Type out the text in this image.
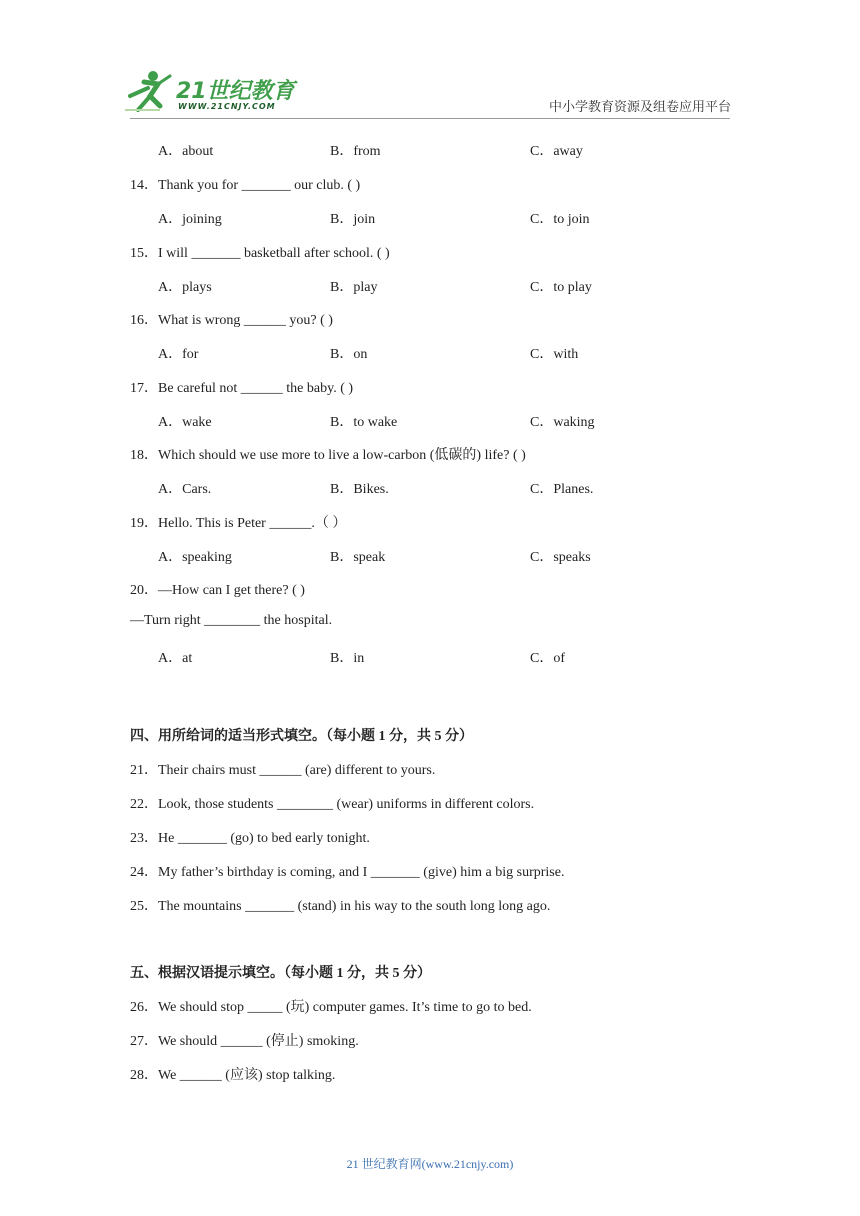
21世纪教育
WWW.21CNJY.COM	中小学教育资源及组卷应用平台
A．about	B．from	C．away
14．Thank you for _______ our club. ( )
A．joining	B．join	C．to join
15．I will _______ basketball after school. ( )
A．plays	B．play	C．to play
16．What is wrong ______ you? ( )
A．for	B．on	C．with
17．Be careful not ______ the baby. ( )
A．wake	B．to wake	C．waking
18．Which should we use more to live a low-carbon (低碳的) life? ( )
A．Cars.	B．Bikes.	C．Planes.
19．Hello. This is Peter ______.（ ）
A．speaking	B．speak	C．speaks
20．—How can I get there? ( )
—Turn right ________ the hospital.
A．at	B．in	C．of
四、用所给词的适当形式填空。（每小题 1 分，共 5 分）
21．Their chairs must ______ (are) different to yours.
22．Look, those students ________ (wear) uniforms in different colors.
23．He _______ (go) to bed early tonight.
24．My father’s birthday is coming, and I _______ (give) him a big surprise.
25．The mountains _______ (stand) in his way to the south long long ago.
五、根据汉语提示填空。（每小题 1 分，共 5 分）
26．We should stop _____ (玩) computer games. It’s time to go to bed.
27．We should ______ (停止) smoking.
28．We ______ (应该) stop talking.
21 世纪教育网(www.21cnjy.com)
